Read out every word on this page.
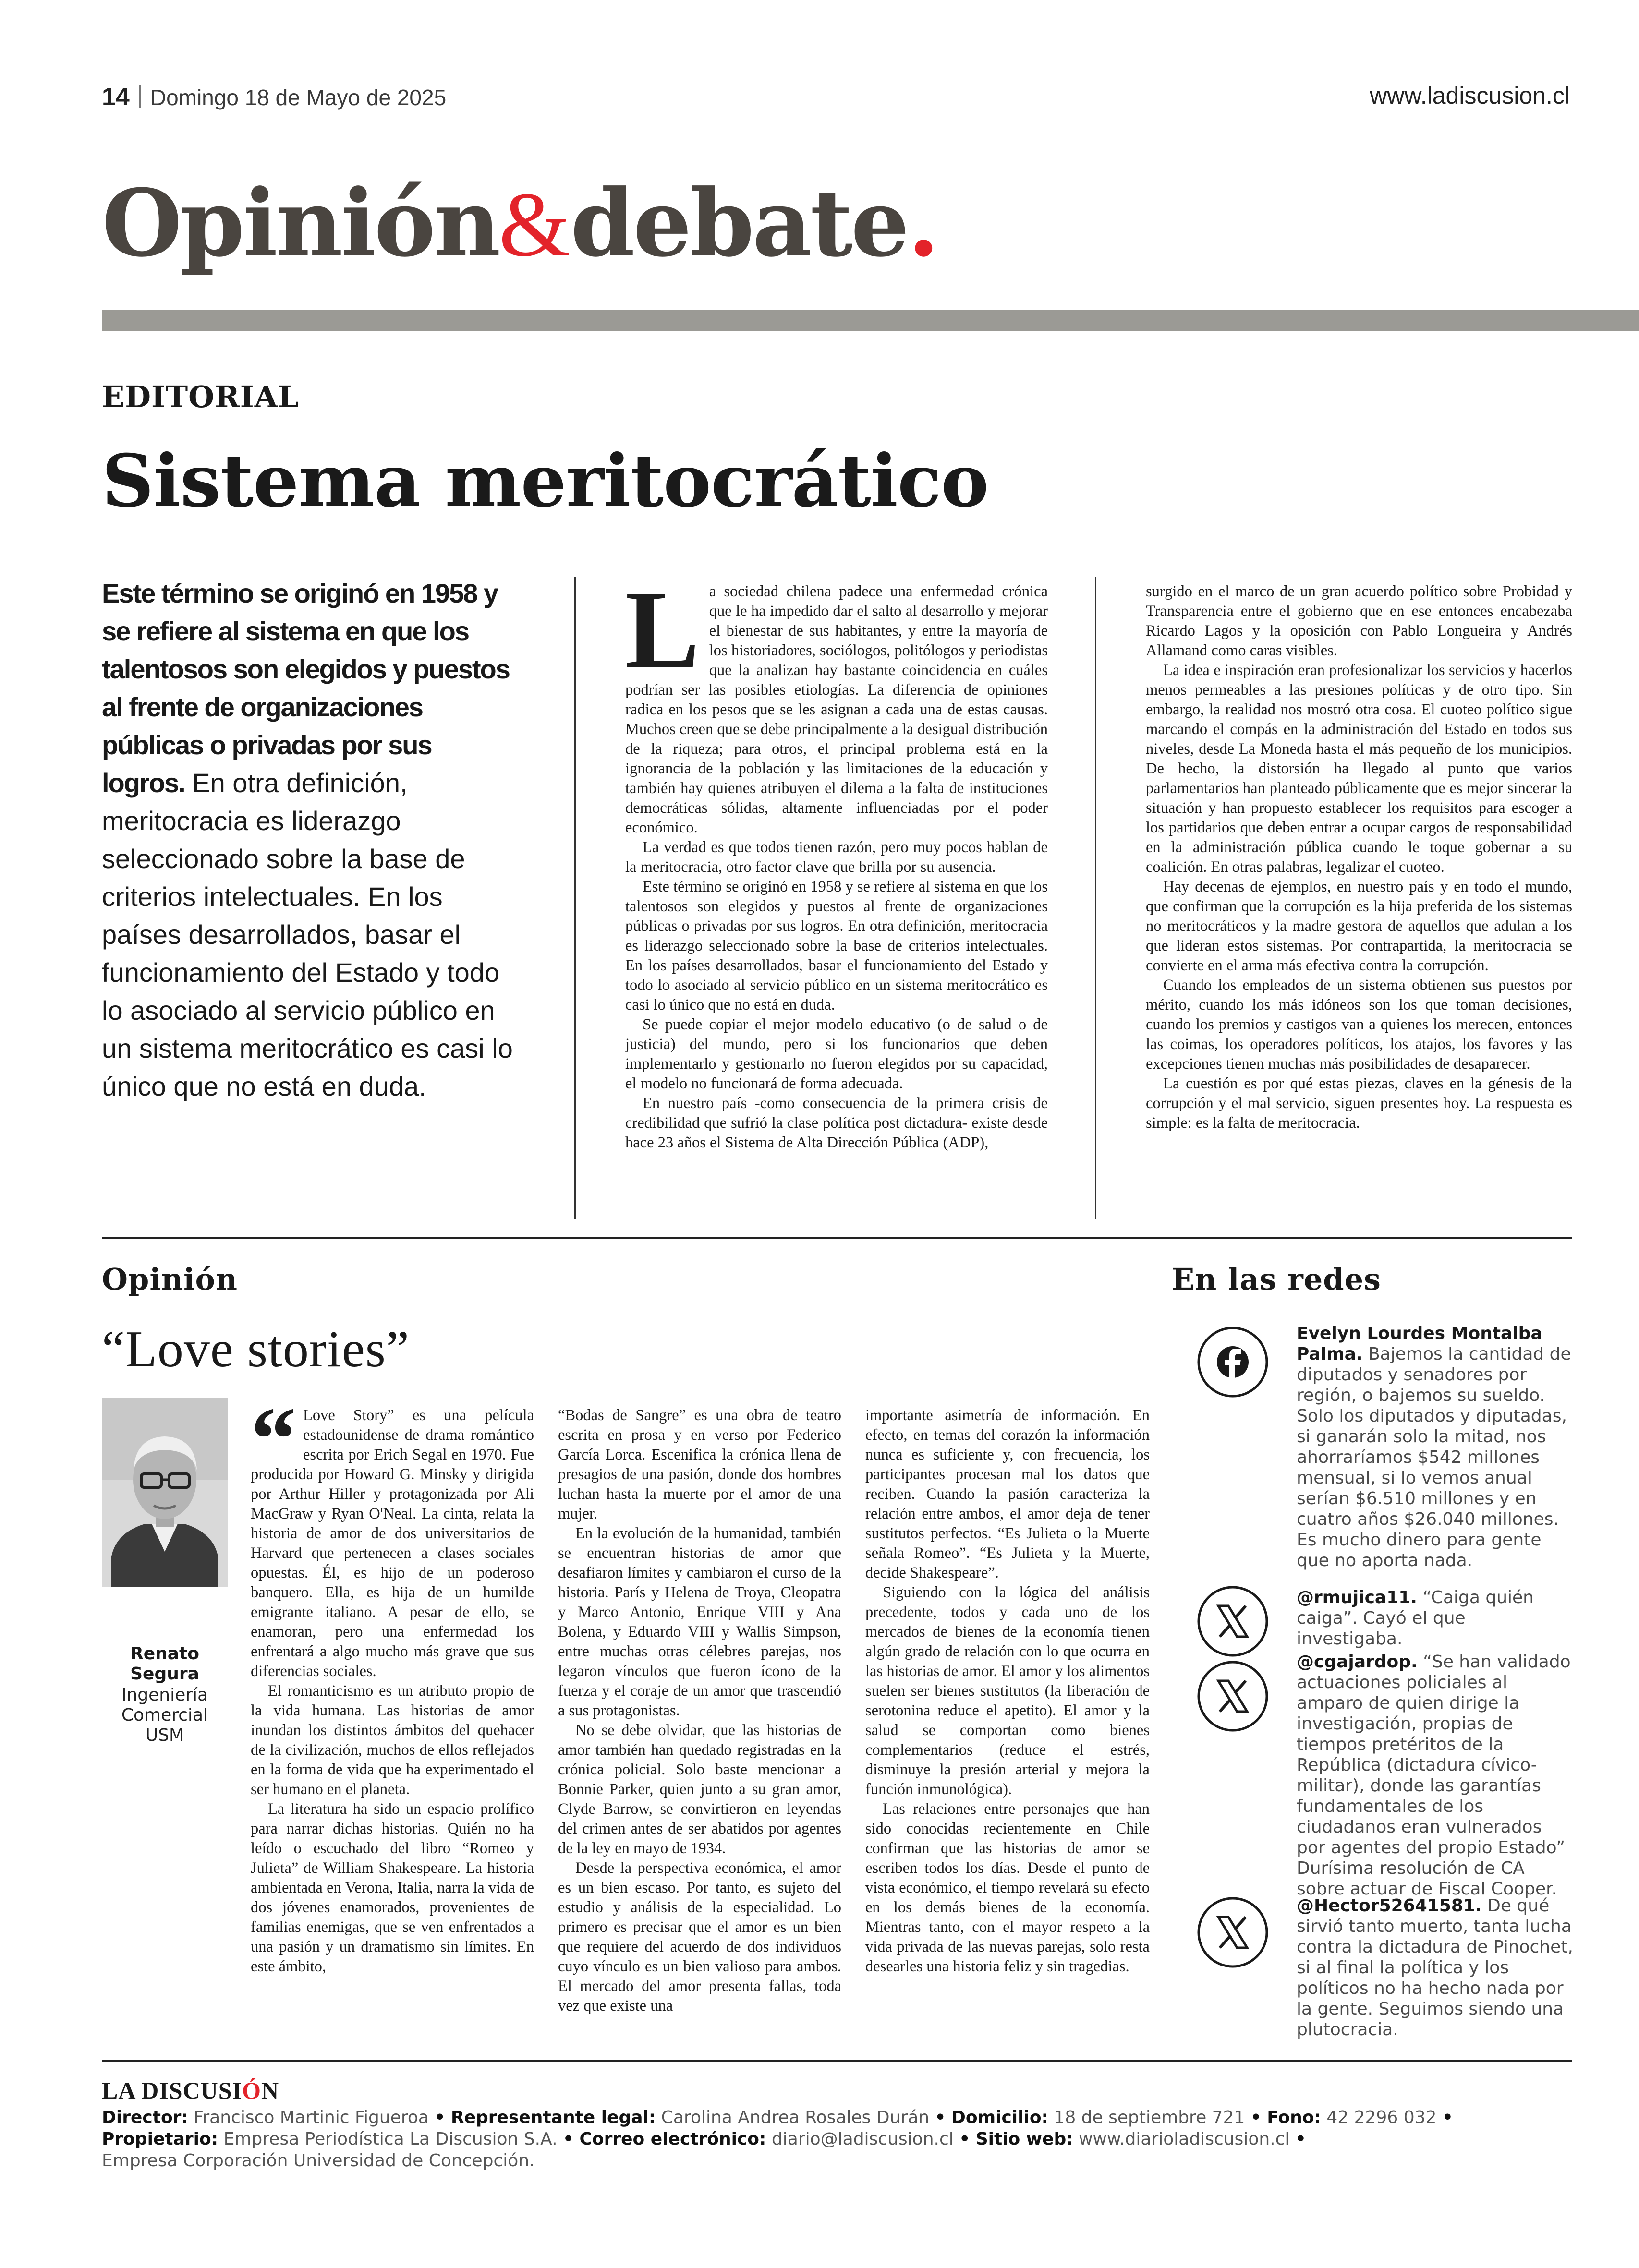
14 Domingo 18 de Mayo de 2025	www.ladiscusion.cl
Opinión&debate.
EDITORIAL
Sistema meritocrático
Este término se originó en 1958 y se refiere al sistema en que los talentosos son elegidos y puestos al frente de organizaciones públicas o privadas por sus logros. En otra definición, meritocracia es liderazgo seleccionado sobre la base de criterios intelectuales. En los países desarrollados, basar el funcionamiento del Estado y todo lo asociado al servicio público en un sistema meritocrático es casi lo único que no está en duda.
L a sociedad chilena padece una enfermedad crónica que le ha impedido dar el salto al desarrollo y mejorar el bienestar de sus habitantes, y entre la mayoría de los historiadores, sociólogos, politólogos y periodistas que la analizan hay bastante coincidencia en cuáles podrían ser las posibles etiologías. La diferencia de opiniones radica en los pesos que se les asignan a cada una de estas causas. Muchos creen que se debe principalmente a la desigual distribución de la riqueza; para otros, el principal problema está en la ignorancia de la población y las limitaciones de la educación y también hay quienes atribuyen el dilema a la falta de instituciones democráticas sólidas, altamente influenciadas por el poder económico.

La verdad es que todos tienen razón, pero muy pocos hablan de la meritocracia, otro factor clave que brilla por su ausencia.

Este término se originó en 1958 y se refiere al sistema en que los talentosos son elegidos y puestos al frente de organizaciones públicas o privadas por sus logros. En otra definición, meritocracia es liderazgo seleccionado sobre la base de criterios intelectuales. En los países desarrollados, basar el funcionamiento del Estado y todo lo asociado al servicio público en un sistema meritocrático es casi lo único que no está en duda.

Se puede copiar el mejor modelo educativo (o de salud o de justicia) del mundo, pero si los funcionarios que deben implementarlo y gestionarlo no fueron elegidos por su capacidad, el modelo no funcionará de forma adecuada.

En nuestro país -como consecuencia de la primera crisis de credibilidad que sufrió la clase política post dictadura- existe desde hace 23 años el Sistema de Alta Dirección Pública (ADP),

surgido en el marco de un gran acuerdo político sobre Probidad y Transparencia entre el gobierno que en ese entonces encabezaba Ricardo Lagos y la oposición con Pablo Longueira y Andrés Allamand como caras visibles.

La idea e inspiración eran profesionalizar los servicios y hacerlos menos permeables a las presiones políticas y de otro tipo. Sin embargo, la realidad nos mostró otra cosa. El cuoteo político sigue marcando el compás en la administración del Estado en todos sus niveles, desde La Moneda hasta el más pequeño de los municipios. De hecho, la distorsión ha llegado al punto que varios parlamentarios han planteado públicamente que es mejor sincerar la situación y han propuesto establecer los requisitos para escoger a los partidarios que deben entrar a ocupar cargos de responsabilidad en la administración pública cuando le toque gobernar a su coalición. En otras palabras, legalizar el cuoteo.

Hay decenas de ejemplos, en nuestro país y en todo el mundo, que confirman que la corrupción es la hija preferida de los sistemas no meritocráticos y la madre gestora de aquellos que adulan a los que lideran estos sistemas. Por contrapartida, la meritocracia se convierte en el arma más efectiva contra la corrupción.

Cuando los empleados de un sistema obtienen sus puestos por mérito, cuando los más idóneos son los que toman decisiones, cuando los premios y castigos van a quienes los merecen, entonces las coimas, los operadores políticos, los atajos, los favores y las excepciones tienen muchas más posibilidades de desaparecer.

La cuestión es por qué estas piezas, claves en la génesis de la corrupción y el mal servicio, siguen presentes hoy. La respuesta es simple: es la falta de meritocracia.

Opinión
“Love stories”
Renato Segura
Ingeniería Comercial USM
“ Love Story” es una película estadounidense de drama romántico escrita por Erich Segal en 1970. Fue producida por Howard G. Minsky y dirigida por Arthur Hiller y protagonizada por Ali MacGraw y Ryan O'Neal. La cinta, relata la historia de amor de dos universitarios de Harvard que pertenecen a clases sociales opuestas. Él, es hijo de un poderoso banquero. Ella, es hija de un humilde emigrante italiano. A pesar de ello, se enamoran, pero una enfermedad los enfrentará a algo mucho más grave que sus diferencias sociales.

El romanticismo es un atributo propio de la vida humana. Las historias de amor inundan los distintos ámbitos del quehacer de la civilización, muchos de ellos reflejados en la forma de vida que ha experimentado el ser humano en el planeta.

La literatura ha sido un espacio prolífico para narrar dichas historias. Quién no ha leído o escuchado del libro “Romeo y Julieta” de William Shakespeare. La historia ambientada en Verona, Italia, narra la vida de dos jóvenes enamorados, provenientes de familias enemigas, que se ven enfrentados a una pasión y un dramatismo sin límites. En este ámbito,

“Bodas de Sangre” es una obra de teatro escrita en prosa y en verso por Federico García Lorca. Escenifica la crónica llena de presagios de una pasión, donde dos hombres luchan hasta la muerte por el amor de una mujer.

En la evolución de la humanidad, también se encuentran historias de amor que desafiaron límites y cambiaron el curso de la historia. París y Helena de Troya, Cleopatra y Marco Antonio, Enrique VIII y Ana Bolena, y Eduardo VIII y Wallis Simpson, entre muchas otras célebres parejas, nos legaron vínculos que fueron ícono de la fuerza y el coraje de un amor que trascendió a sus protagonistas.

No se debe olvidar, que las historias de amor también han quedado registradas en la crónica policial. Solo baste mencionar a Bonnie Parker, quien junto a su gran amor, Clyde Barrow, se convirtieron en leyendas del crimen antes de ser abatidos por agentes de la ley en mayo de 1934.

Desde la perspectiva económica, el amor es un bien escaso. Por tanto, es sujeto del estudio y análisis de la especialidad. Lo primero es precisar que el amor es un bien que requiere del acuerdo de dos individuos cuyo vínculo es un bien valioso para ambos. El mercado del amor presenta fallas, toda vez que existe una

importante asimetría de información. En efecto, en temas del corazón la información nunca es suficiente y, con frecuencia, los participantes procesan mal los datos que reciben. Cuando la pasión caracteriza la relación entre ambos, el amor deja de tener sustitutos perfectos. “Es Julieta o la Muerte señala Romeo”. “Es Julieta y la Muerte, decide Shakespeare”.

Siguiendo con la lógica del análisis precedente, todos y cada uno de los mercados de bienes de la economía tienen algún grado de relación con lo que ocurra en las historias de amor. El amor y los alimentos suelen ser bienes sustitutos (la liberación de serotonina reduce el apetito). El amor y la salud se comportan como bienes complementarios (reduce el estrés, disminuye la presión arterial y mejora la función inmunológica).

Las relaciones entre personajes que han sido conocidas recientemente en Chile confirman que las historias de amor se escriben todos los días. Desde el punto de vista económico, el tiempo revelará su efecto en los demás bienes de la economía. Mientras tanto, con el mayor respeto a la vida privada de las nuevas parejas, solo resta desearles una historia feliz y sin tragedias.

En las redes
Evelyn Lourdes Montalba Palma. Bajemos la cantidad de diputados y senadores por región, o bajemos su sueldo. Solo los diputados y diputadas, si ganarán solo la mitad, nos ahorraríamos $542 millones mensual, si lo vemos anual serían $6.510 millones y en cuatro años $26.040 millones. Es mucho dinero para gente que no aporta nada.
@rmujica11. “Caiga quién caiga”. Cayó el que investigaba.
@cgajardop. “Se han validado actuaciones policiales al amparo de quien dirige la investigación, propias de tiempos pretéritos de la República (dictadura cívico-militar), donde las garantías fundamentales de los ciudadanos eran vulnerados por agentes del propio Estado” Durísima resolución de CA sobre actuar de Fiscal Cooper.
@Hector52641581. De qué sirvió tanto muerto, tanta lucha contra la dictadura de Pinochet, si al final la política y los políticos no ha hecho nada por la gente. Seguimos siendo una plutocracia.
LA DISCUSIÓN
Director: Francisco Martinic Figueroa • Representante legal: Carolina Andrea Rosales Durán • Domicilio: 18 de septiembre 721 • Fono: 42 2296 032 •
Propietario: Empresa Periodística La Discusion S.A. • Correo electrónico: diario@ladiscusion.cl • Sitio web: www.diarioladiscusion.cl •
Empresa Corporación Universidad de Concepción.
